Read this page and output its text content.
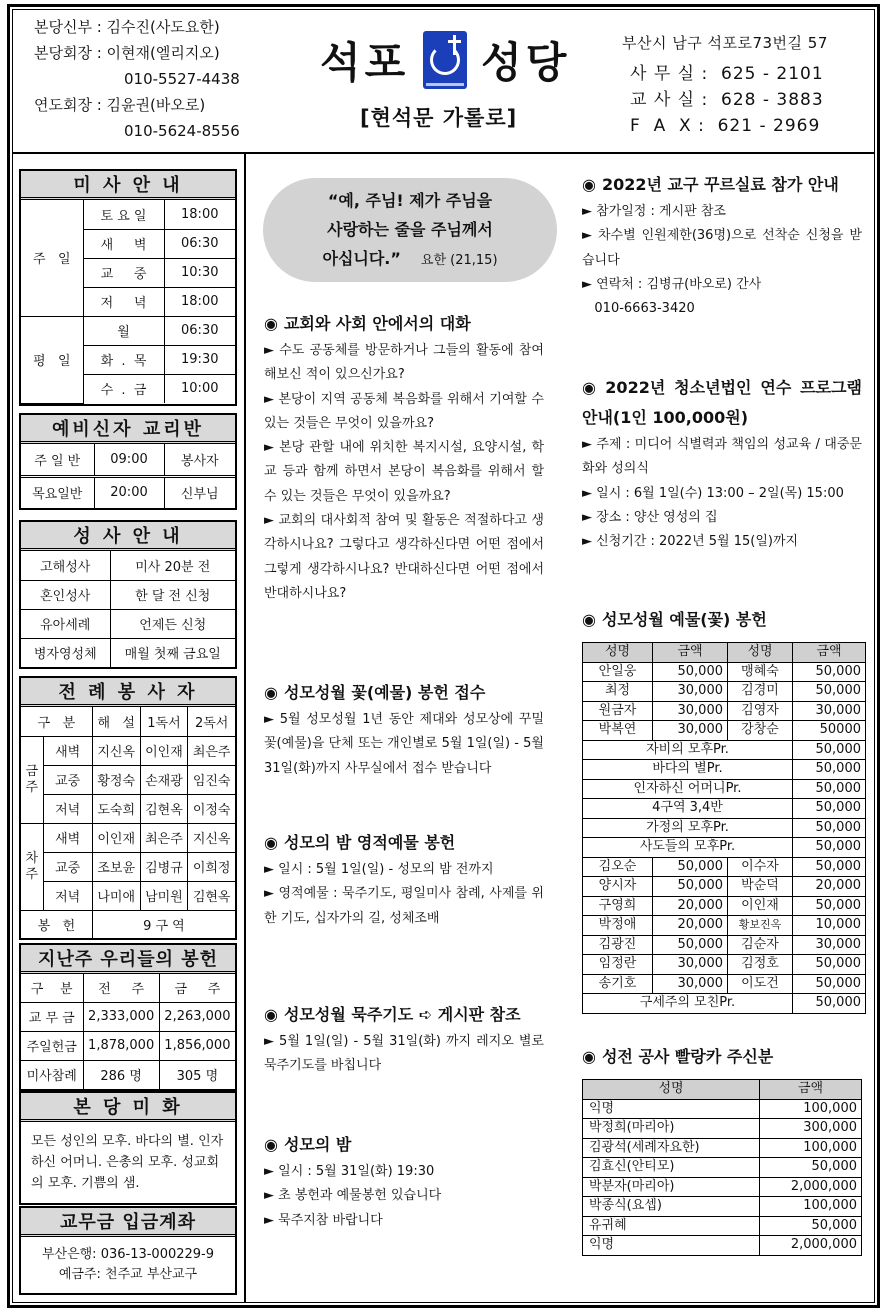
본당신부 : 김수진(사도요한)
본당회장 : 이현재(엘리지오)
010-5527-4438
연도회장 : 김윤권(바오로)
010-5624-8556
석포 성당
[현석문 가롤로]
부산시 남구 석포로73번길 57
사 무 실 :  625 - 2101
교 사 실 :  628 - 3883
F  A  X :  621 - 2969
미 사 안 내
주   일	토 요 일	18:00
	새     벽	06:30
	교     중	10:30
	저     녁	18:00
평   일	월	06:30
	화  .  목	19:30
	수  .  금	10:00
예비신자 교리반
주 일 반	09:00	봉사자
목요일반	20:00	신부님
성 사 안 내
고해성사	미사 20분 전
혼인성사	한 달 전 신청
유아세례	언제든 신청
병자영성체	매월 첫째 금요일
전 례 봉 사 자
구   분		해   설	1독서	2독서
금주	새벽	지신옥	이인재	최은주
	교중	황정숙	손재광	임진숙
	저녁	도숙희	김현옥	이정숙
차주	새벽	이인재	최은주	지신옥
	교중	조보윤	김병규	이희정
	저녁	나미애	남미원	김현옥
봉   헌		9 구 역		
지난주 우리들의 봉헌
구    분	전     주	금     주
교 무 금	2,333,000	2,263,000
주일헌금	1,878,000	1,856,000
미사참례	286 명	305 명
본 당 미 화
모든 성인의 모후. 바다의 별. 인자하신 어머니. 은총의 모후. 성교회의 모후. 기쁨의 샘.
교무금 입금계좌
부산은행: 036-13-000229-9
예금주: 천주교 부산교구
“예, 주님! 제가 주님을
사랑하는 줄을 주님께서
아십니다.” 요한 (21,15)
◉ 교회와 사회 안에서의 대화
► 수도 공동체를 방문하거나 그들의 활동에 참여해보신 적이 있으신가요?
► 본당이 지역 공동체 복음화를 위해서 기여할 수 있는 것들은 무엇이 있을까요?
► 본당 관할 내에 위치한 복지시설, 요양시설, 학교 등과 함께 하면서 본당이 복음화를 위해서 할 수 있는 것들은 무엇이 있을까요?
► 교회의 대사회적 참여 및 활동은 적절하다고 생각하시나요? 그렇다고 생각하신다면 어떤 점에서 그렇게 생각하시나요? 반대하신다면 어떤 점에서 반대하시나요?
◉ 성모성월 꽃(예물) 봉헌 접수
► 5월 성모성월 1년 동안 제대와 성모상에 꾸밀 꽃(예물)을 단체 또는 개인별로 5월 1일(일) - 5월 31일(화)까지 사무실에서 접수 받습니다
◉ 성모의 밤 영적예물 봉헌
► 일시 : 5월 1일(일) - 성모의 밤 전까지
► 영적예물 : 묵주기도, 평일미사 참례, 사제를 위한 기도, 십자가의 길, 성체조배
◉ 성모성월 묵주기도 ➪ 게시판 참조
► 5월 1일(일) - 5월 31일(화) 까지 레지오 별로 묵주기도를 바칩니다
◉ 성모의 밤
► 일시 : 5월 31일(화) 19:30
► 초 봉헌과 예물봉헌 있습니다
► 묵주지참 바랍니다
◉ 2022년 교구 꾸르실료 참가 안내
► 참가일정 : 게시판 참조
► 차수별 인원제한(36명)으로 선착순 신청을 받습니다
► 연락처 : 김병규(바오로) 간사
010-6663-3420
◉ 2022년 청소년법인 연수 프로그램 안내(1인 100,000원)
► 주제 : 미디어 식별력과 책임의 성교육 / 대중문화와 성의식
► 일시 : 6월 1일(수) 13:00 – 2일(목) 15:00
► 장소 : 양산 영성의 집
► 신청기간 : 2022년 5월 15(일)까지
◉ 성모성월 예물(꽃) 봉헌
성명	금액	성명	금액
안일웅	50,000	맹혜숙	50,000
최정	30,000	김경미	50,000
원금자	30,000	김영자	30,000
박복연	30,000	강창순	50000
자비의 모후Pr.			50,000
바다의 별Pr.			50,000
인자하신 어머니Pr.			50,000
4구역 3,4반			50,000
가정의 모후Pr.			50,000
사도들의 모후Pr.			50,000
김오순	50,000	이수자	50,000
양시자	50,000	박순덕	20,000
구영희	20,000	이인재	50,000
박정애	20,000	황보진옥	10,000
김광진	50,000	김순자	30,000
임정란	30,000	김정호	50,000
송기호	30,000	이도건	50,000
구세주의 모친Pr.			50,000
◉ 성전 공사 빨랑카 주신분
성명	금액
익명	100,000
박정희(마리아)	300,000
김광석(세례자요한)	100,000
김효신(안티모)	50,000
박분자(마리아)	2,000,000
박종식(요셉)	100,000
유귀혜	50,000
익명	2,000,000
